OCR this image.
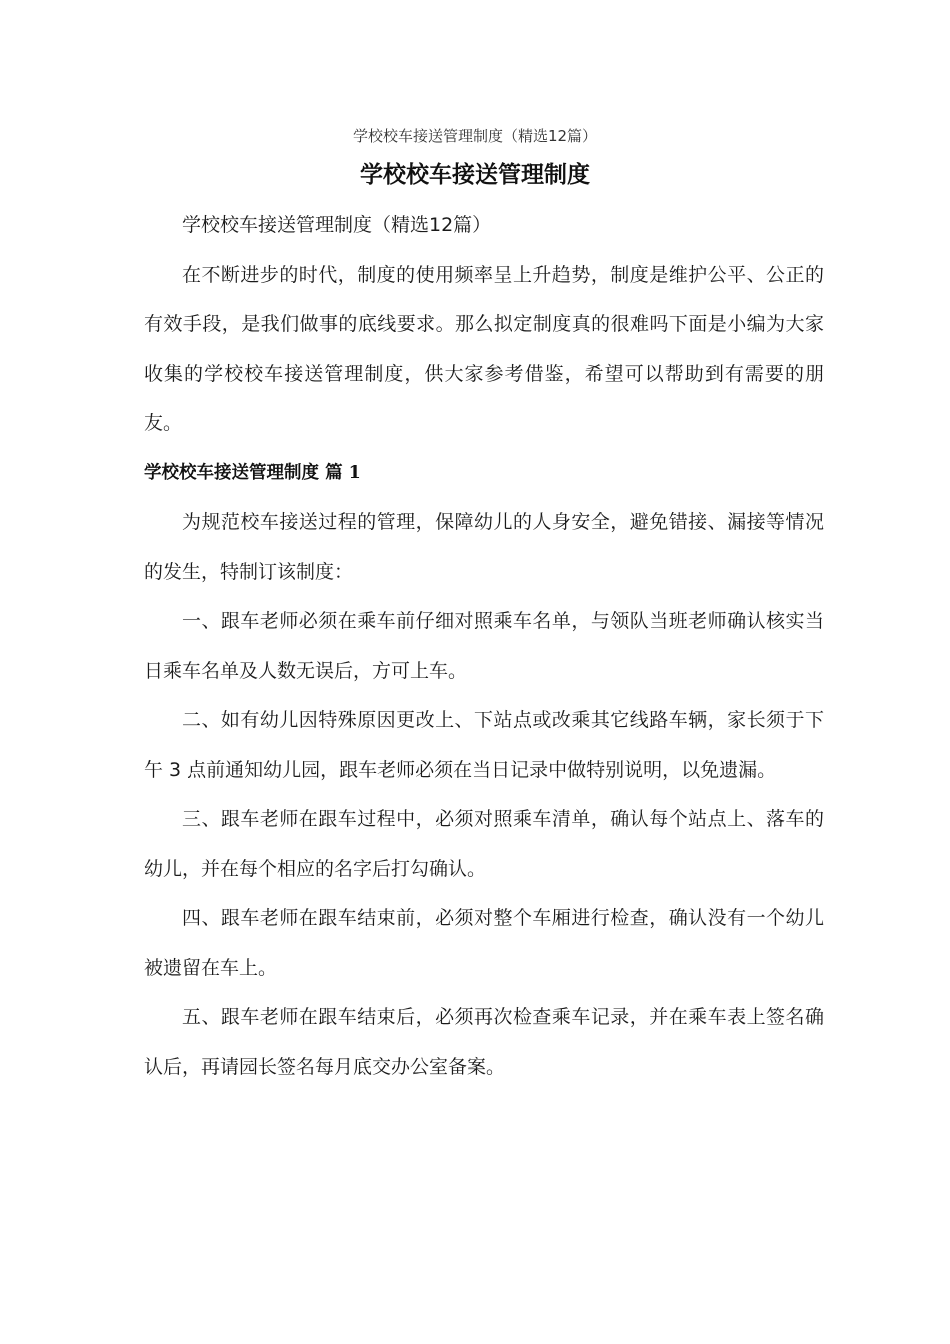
学校校车接送管理制度（精选12篇）
学校校车接送管理制度

学校校车接送管理制度（精选12篇）

在不断进步的时代，制度的使用频率呈上升趋势，制度是维护公平、公正的有效手段，是我们做事的底线要求。那么拟定制度真的很难吗下面是小编为大家收集的学校校车接送管理制度，供大家参考借鉴，希望可以帮助到有需要的朋友。

学校校车接送管理制度 篇 1

为规范校车接送过程的管理，保障幼儿的人身安全，避免错接、漏接等情况的发生，特制订该制度：

一、跟车老师必须在乘车前仔细对照乘车名单，与领队当班老师确认核实当日乘车名单及人数无误后，方可上车。

二、如有幼儿因特殊原因更改上、下站点或改乘其它线路车辆，家长须于下午 3 点前通知幼儿园，跟车老师必须在当日记录中做特别说明，以免遗漏。

三、跟车老师在跟车过程中，必须对照乘车清单，确认每个站点上、落车的幼儿，并在每个相应的名字后打勾确认。

四、跟车老师在跟车结束前，必须对整个车厢进行检查，确认没有一个幼儿被遗留在车上。

五、跟车老师在跟车结束后，必须再次检查乘车记录，并在乘车表上签名确认后，再请园长签名每月底交办公室备案。
